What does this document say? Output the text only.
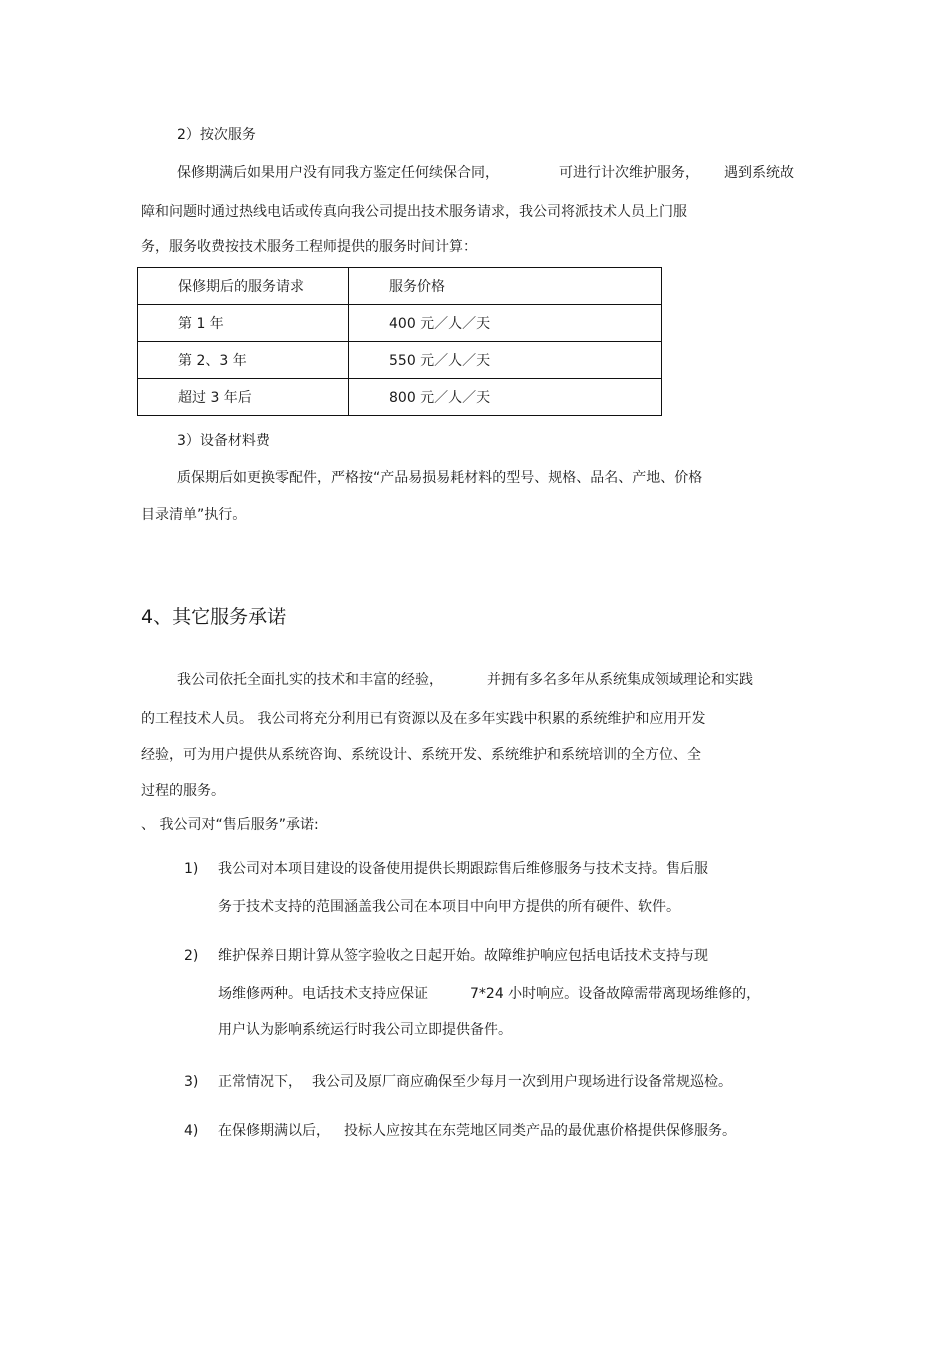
2）按次服务
保修期满后如果用户没有同我方鉴定任何续保合同，	可进行计次维护服务， 遇到系统故
障和问题时通过热线电话或传真向我公司提出技术服务请求，我公司将派技术人员上门服
务，服务收费按技术服务工程师提供的服务时间计算：
保修期后的服务请求	服务价格
第 1 年	400 元／人／天
第 2、3 年	550 元／人／天
超过 3 年后	800 元／人／天
3）设备材料费
质保期后如更换零配件，严格按“产品易损易耗材料的型号、规格、品名、产地、价格
目录清单”执行。
4、其它服务承诺
我公司依托全面扎实的技术和丰富的经验，	并拥有多名多年从系统集成领域理论和实践
的工程技术人员。 我公司将充分利用已有资源以及在多年实践中积累的系统维护和应用开发
经验，可为用户提供从系统咨询、系统设计、系统开发、系统维护和系统培训的全方位、全
过程的服务。
、 我公司对“售后服务”承诺:
1) 我公司对本项目建设的设备使用提供长期跟踪售后维修服务与技术支持。售后服
务于技术支持的范围涵盖我公司在本项目中向甲方提供的所有硬件、软件。
2) 维护保养日期计算从签字验收之日起开始。故障维护响应包括电话技术支持与现
场维修两种。电话技术支持应保证	7*24 小时响应。设备故障需带离现场维修的，
用户认为影响系统运行时我公司立即提供备件。
3) 正常情况下， 我公司及原厂商应确保至少每月一次到用户现场进行设备常规巡检。
4) 在保修期满以后， 投标人应按其在东莞地区同类产品的最优惠价格提供保修服务。
